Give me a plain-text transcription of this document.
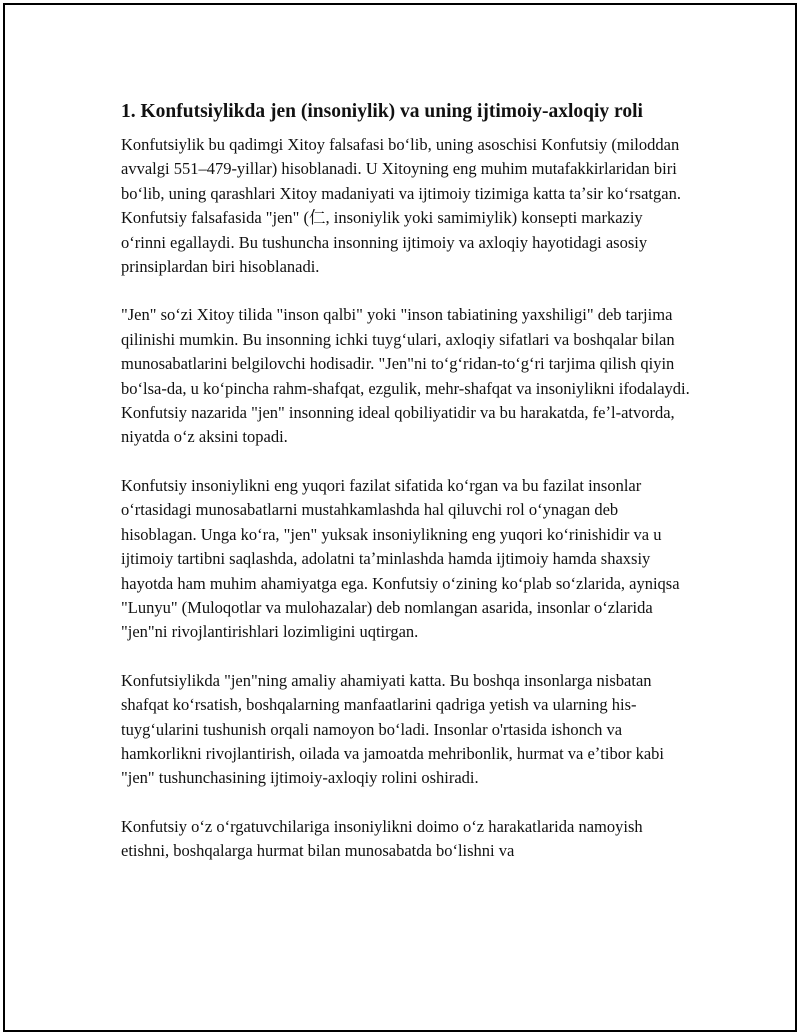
1. Konfutsiylikda jen (insoniylik) va uning ijtimoiy-axloqiy roli

Konfutsiylik bu qadimgi Xitoy falsafasi boʻlib, uning asoschisi Konfutsiy (miloddan avvalgi 551–479-yillar) hisoblanadi. U Xitoyning eng muhim mutafakkirlaridan biri boʻlib, uning qarashlari Xitoy madaniyati va ijtimoiy tizimiga katta taʼsir koʻrsatgan. Konfutsiy falsafasida "jen" (仁, insoniylik yoki samimiylik) konsepti markaziy oʻrinni egallaydi. Bu tushuncha insonning ijtimoiy va axloqiy hayotidagi asosiy prinsiplardan biri hisoblanadi.

"Jen" soʻzi Xitoy tilida "inson qalbi" yoki "inson tabiatining yaxshiligi" deb tarjima qilinishi mumkin. Bu insonning ichki tuygʻulari, axloqiy sifatlari va boshqalar bilan munosabatlarini belgilovchi hodisadir. "Jen"ni toʻgʻridan-toʻgʻri tarjima qilish qiyin boʻlsa-da, u koʻpincha rahm-shafqat, ezgulik, mehr-shafqat va insoniylikni ifodalaydi. Konfutsiy nazarida "jen" insonning ideal qobiliyatidir va bu harakatda, feʼl-atvorda, niyatda oʻz aksini topadi.

Konfutsiy insoniylikni eng yuqori fazilat sifatida koʻrgan va bu fazilat insonlar oʻrtasidagi munosabatlarni mustahkamlashda hal qiluvchi rol oʻynagan deb hisoblagan. Unga koʻra, "jen" yuksak insoniylikning eng yuqori koʻrinishidir va u ijtimoiy tartibni saqlashda, adolatni taʼminlashda hamda ijtimoiy hamda shaxsiy hayotda ham muhim ahamiyatga ega. Konfutsiy oʻzining koʻplab soʻzlarida, ayniqsa "Lunyu" (Muloqotlar va mulohazalar) deb nomlangan asarida, insonlar oʻzlarida "jen"ni rivojlantirishlari lozimligini uqtirgan.

Konfutsiylikda "jen"ning amaliy ahamiyati katta. Bu boshqa insonlarga nisbatan shafqat koʻrsatish, boshqalarning manfaatlarini qadriga yetish va ularning his-tuygʻularini tushunish orqali namoyon boʻladi. Insonlar o'rtasida ishonch va hamkorlikni rivojlantirish, oilada va jamoatda mehribonlik, hurmat va eʼtibor kabi "jen" tushunchasining ijtimoiy-axloqiy rolini oshiradi.

Konfutsiy oʻz oʻrgatuvchilariga insoniylikni doimo oʻz harakatlarida namoyish etishni, boshqalarga hurmat bilan munosabatda boʻlishni va
